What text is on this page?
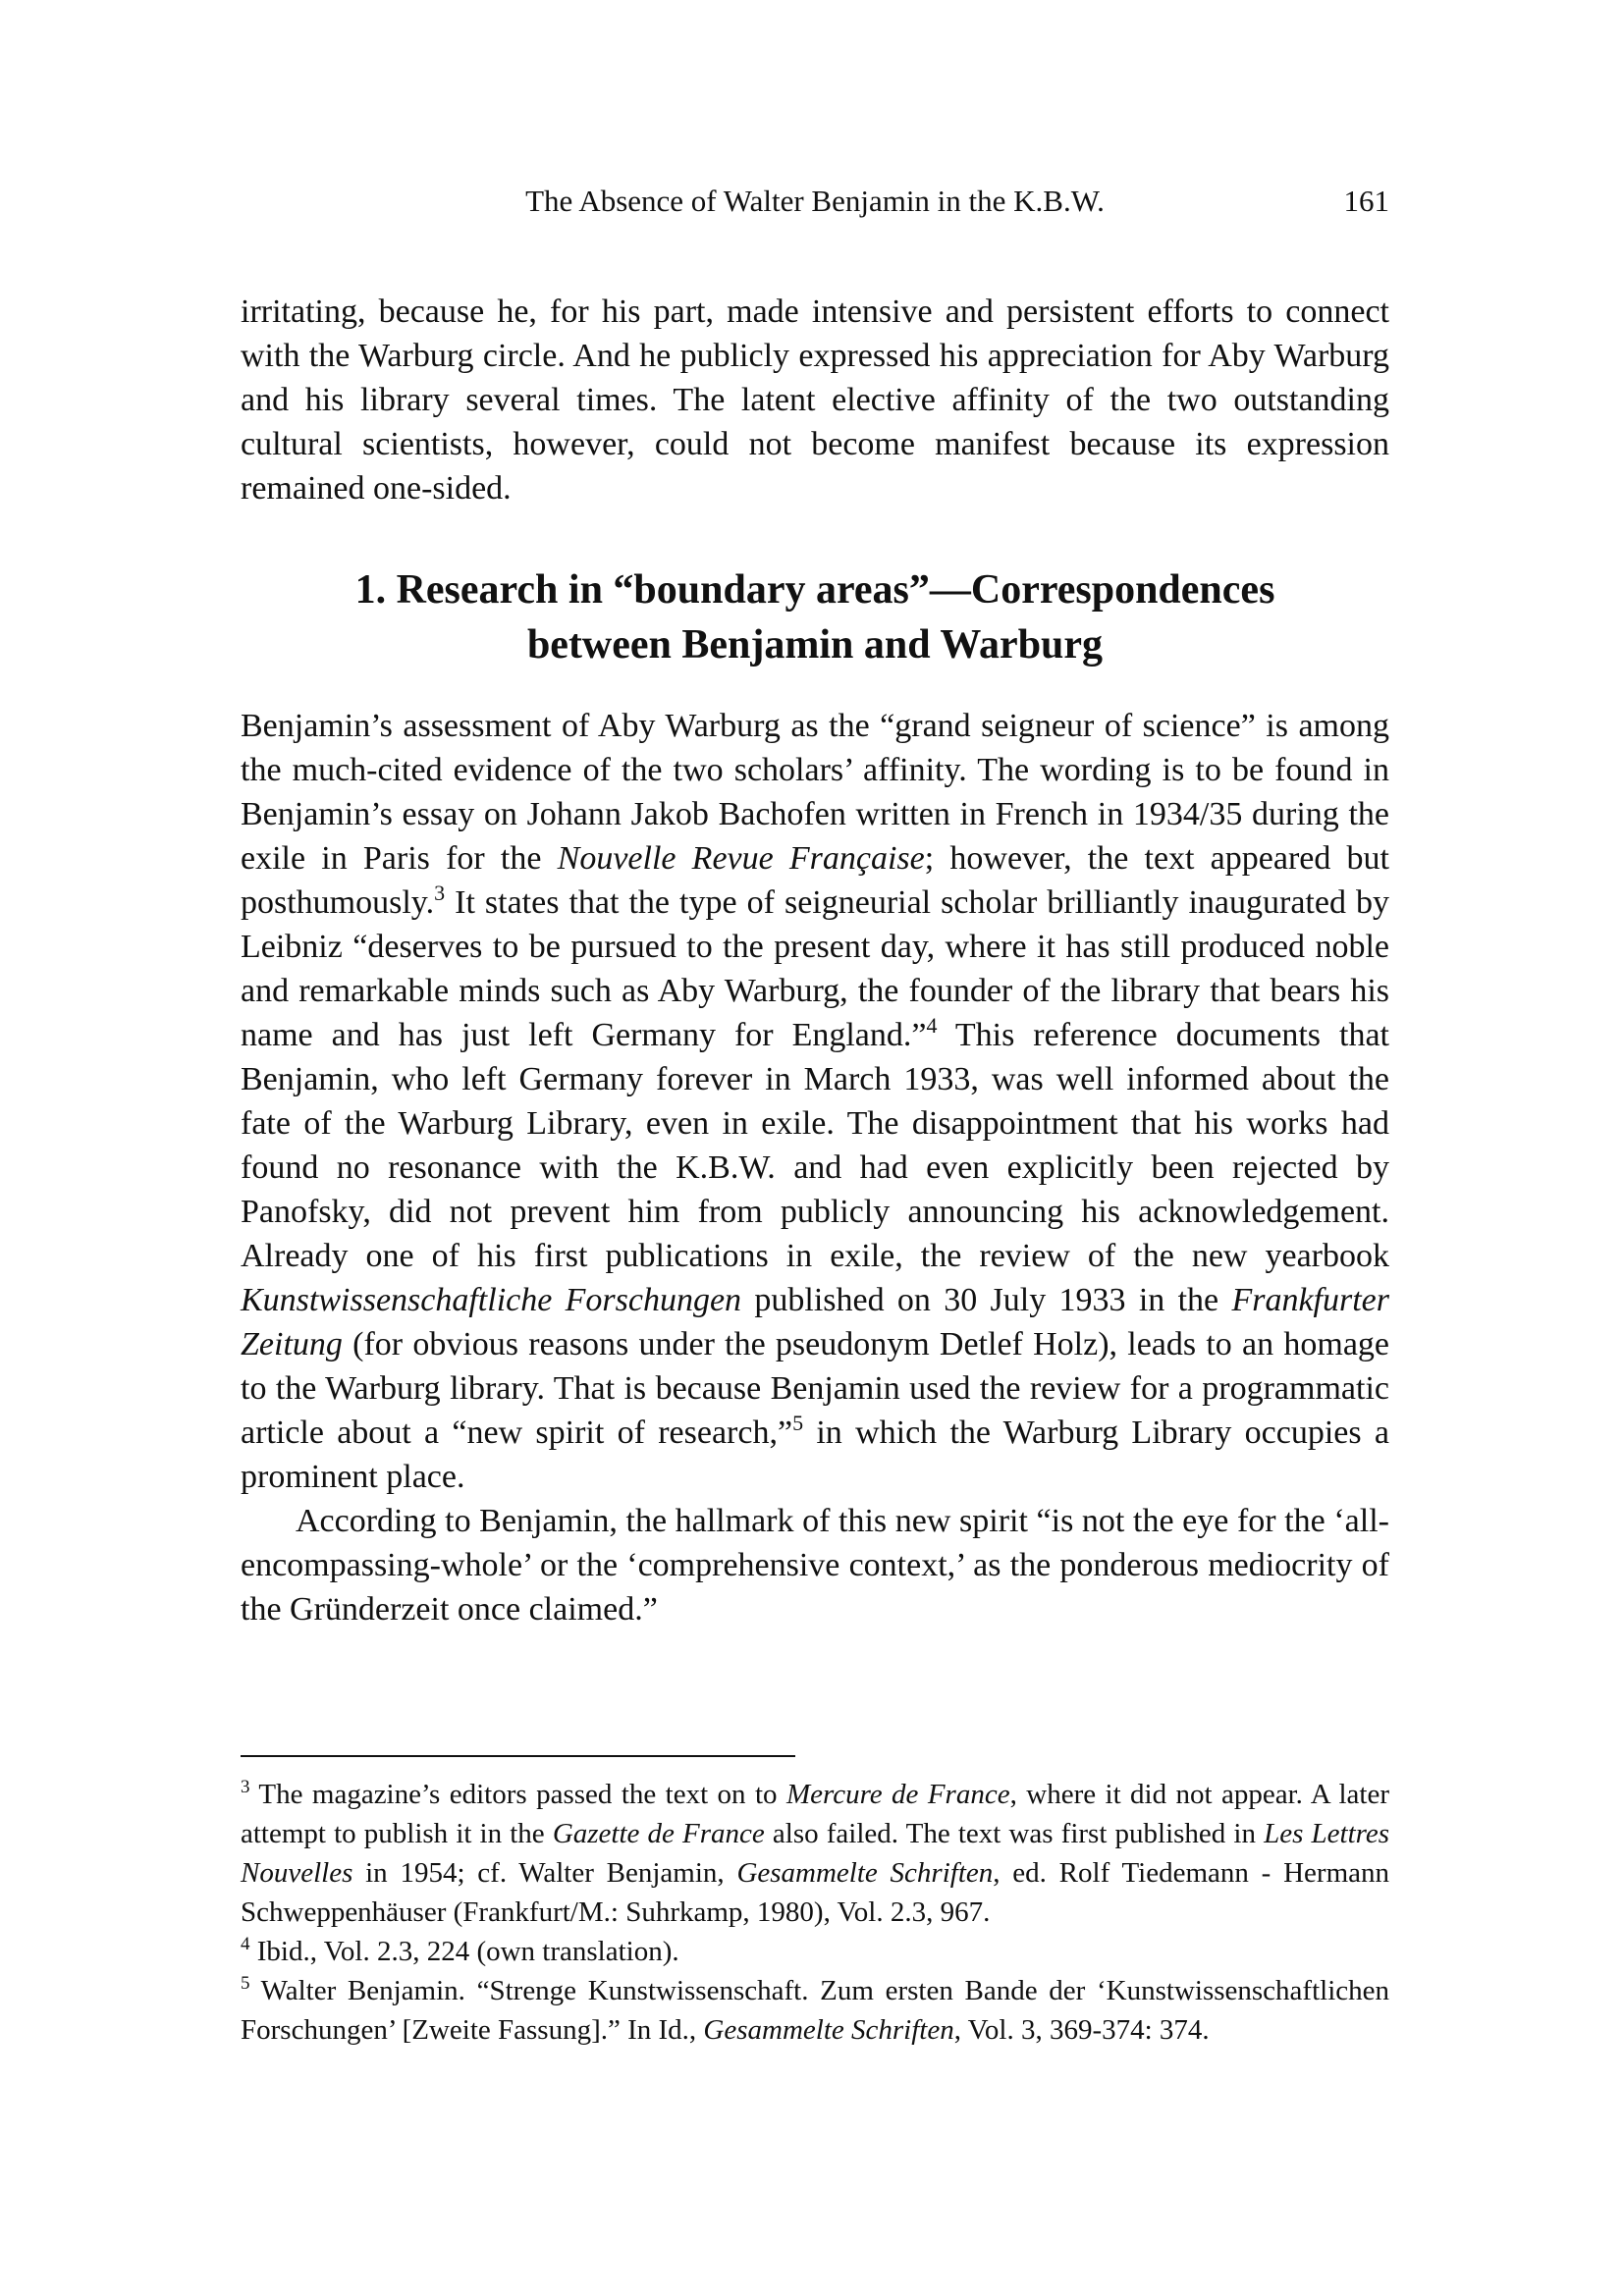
The Absence of Walter Benjamin in the K.B.W.	161

irritating, because he, for his part, made intensive and persistent efforts to connect with the Warburg circle. And he publicly expressed his appreciation for Aby Warburg and his library several times. The latent elective affinity of the two outstanding cultural scientists, however, could not become manifest because its expression remained one-sided.

1. Research in “boundary areas”—Correspondences
between Benjamin and Warburg

Benjamin’s assessment of Aby Warburg as the “grand seigneur of science” is among the much-cited evidence of the two scholars’ affinity. The wording is to be found in Benjamin’s essay on Johann Jakob Bachofen written in French in 1934/35 during the exile in Paris for the Nouvelle Revue Française; however, the text appeared but posthumously.$^3$ It states that the type of seigneurial scholar brilliantly inaugurated by Leibniz “deserves to be pursued to the present day, where it has still produced noble and remarkable minds such as Aby Warburg, the founder of the library that bears his name and has just left Germany for England.”$^4$ This reference documents that Benjamin, who left Germany forever in March 1933, was well informed about the fate of the Warburg Library, even in exile. The disappointment that his works had found no resonance with the K.B.W. and had even explicitly been rejected by Panofsky, did not prevent him from publicly announcing his acknowledgement. Already one of his first publications in exile, the review of the new yearbook Kunstwissenschaftliche Forschungen published on 30 July 1933 in the Frankfurter Zeitung (for obvious reasons under the pseudonym Detlef Holz), leads to an homage to the Warburg library. That is because Benjamin used the review for a programmatic article about a “new spirit of research,”$^5$ in which the Warburg Library occupies a prominent place.

According to Benjamin, the hallmark of this new spirit “is not the eye for the ‘all-encompassing-whole’ or the ‘comprehensive context,’ as the ponderous mediocrity of the Gründerzeit once claimed.”

$^3$ The magazine’s editors passed the text on to Mercure de France, where it did not appear. A later attempt to publish it in the Gazette de France also failed. The text was first published in Les Lettres Nouvelles in 1954; cf. Walter Benjamin, Gesammelte Schriften, ed. Rolf Tiedemann - Hermann Schweppenhäuser (Frankfurt/M.: Suhrkamp, 1980), Vol. 2.3, 967.

$^4$ Ibid., Vol. 2.3, 224 (own translation).

$^5$ Walter Benjamin. “Strenge Kunstwissenschaft. Zum ersten Bande der ‘Kunstwissenschaftlichen Forschungen’ [Zweite Fassung].” In Id., Gesammelte Schriften, Vol. 3, 369-374: 374.
